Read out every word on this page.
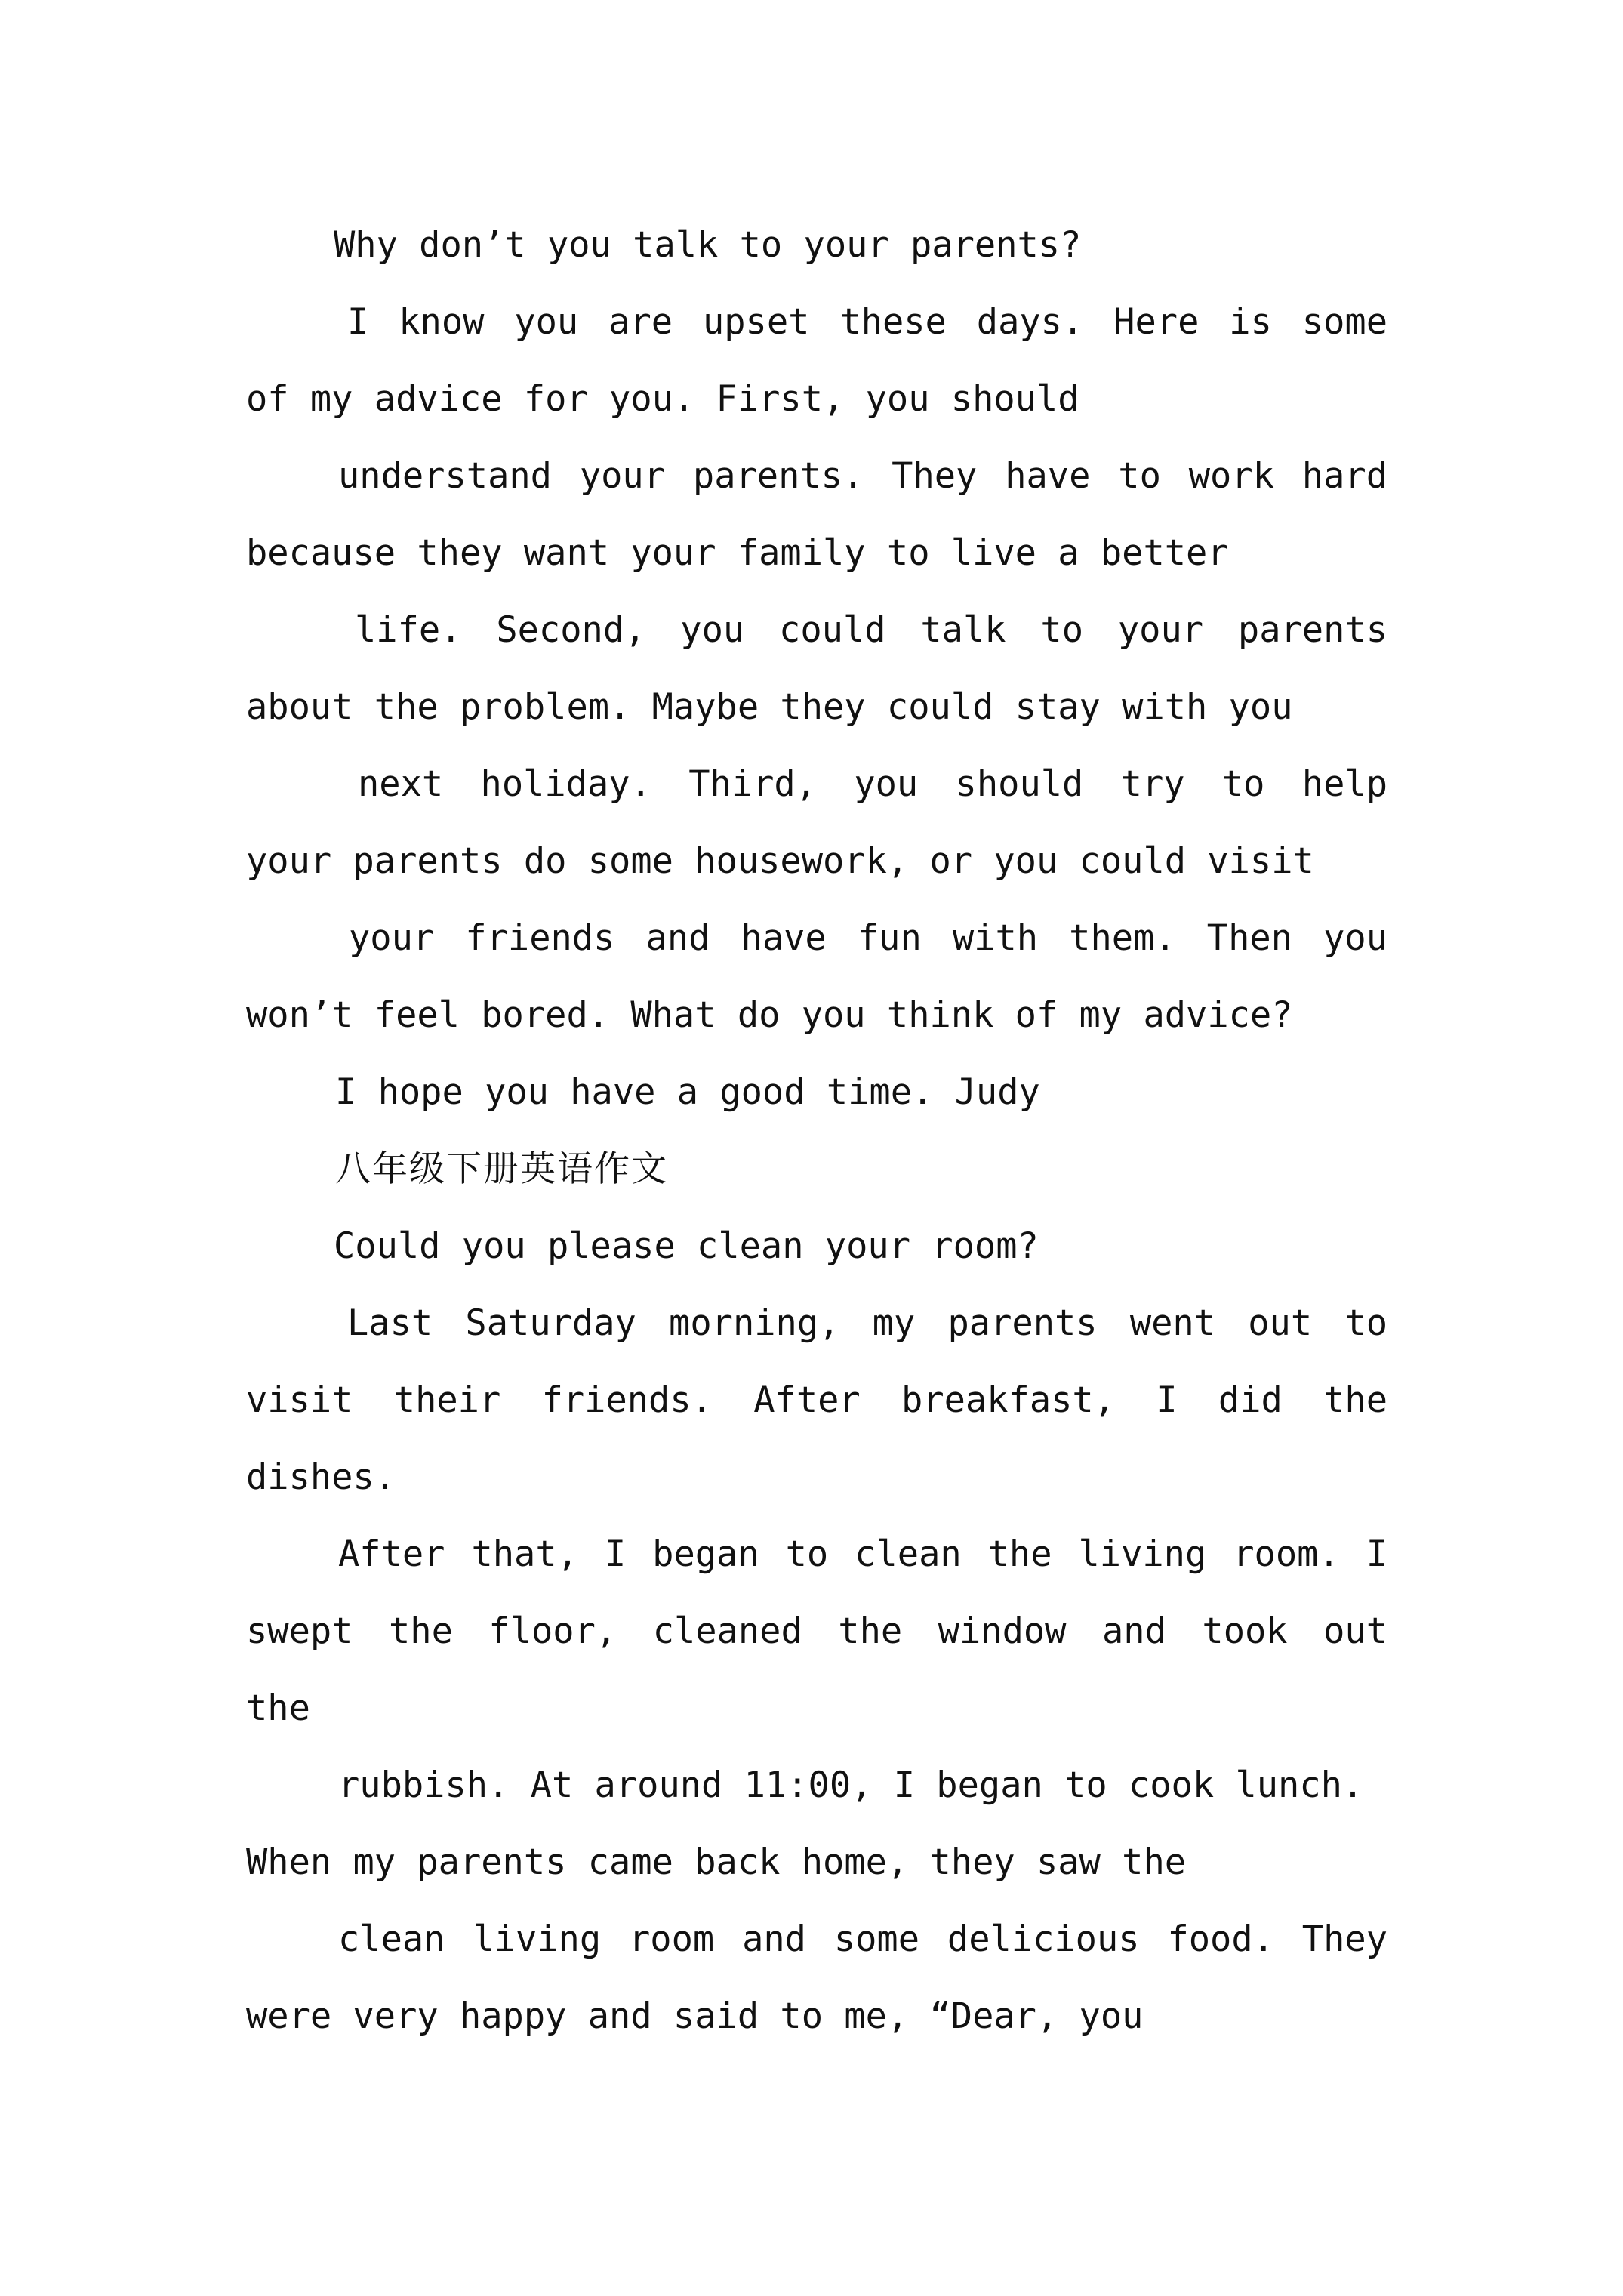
Why don’t you talk to your parents?

I know you are upset these days. Here is some

of my advice for you. First, you should

understand your parents. They have to work hard

because they want your family to live a better

life. Second, you could talk to your parents

about the problem. Maybe they could stay with you

next holiday. Third, you should try to help

your parents do some housework, or you could visit

your friends and have fun with them. Then you

won’t feel bored. What do you think of my advice?

I hope you have a good time. Judy

八年级下册英语作文

Could you please clean your room?

Last Saturday morning, my parents went out to

visit their friends. After breakfast, I did the

dishes.

After that, I began to clean the living room. I

swept the floor, cleaned the window and took out

the

rubbish. At around 11:00, I began to cook lunch.

When my parents came back home, they saw the

clean living room and some delicious food. They

were very happy and said to me, “Dear, you
